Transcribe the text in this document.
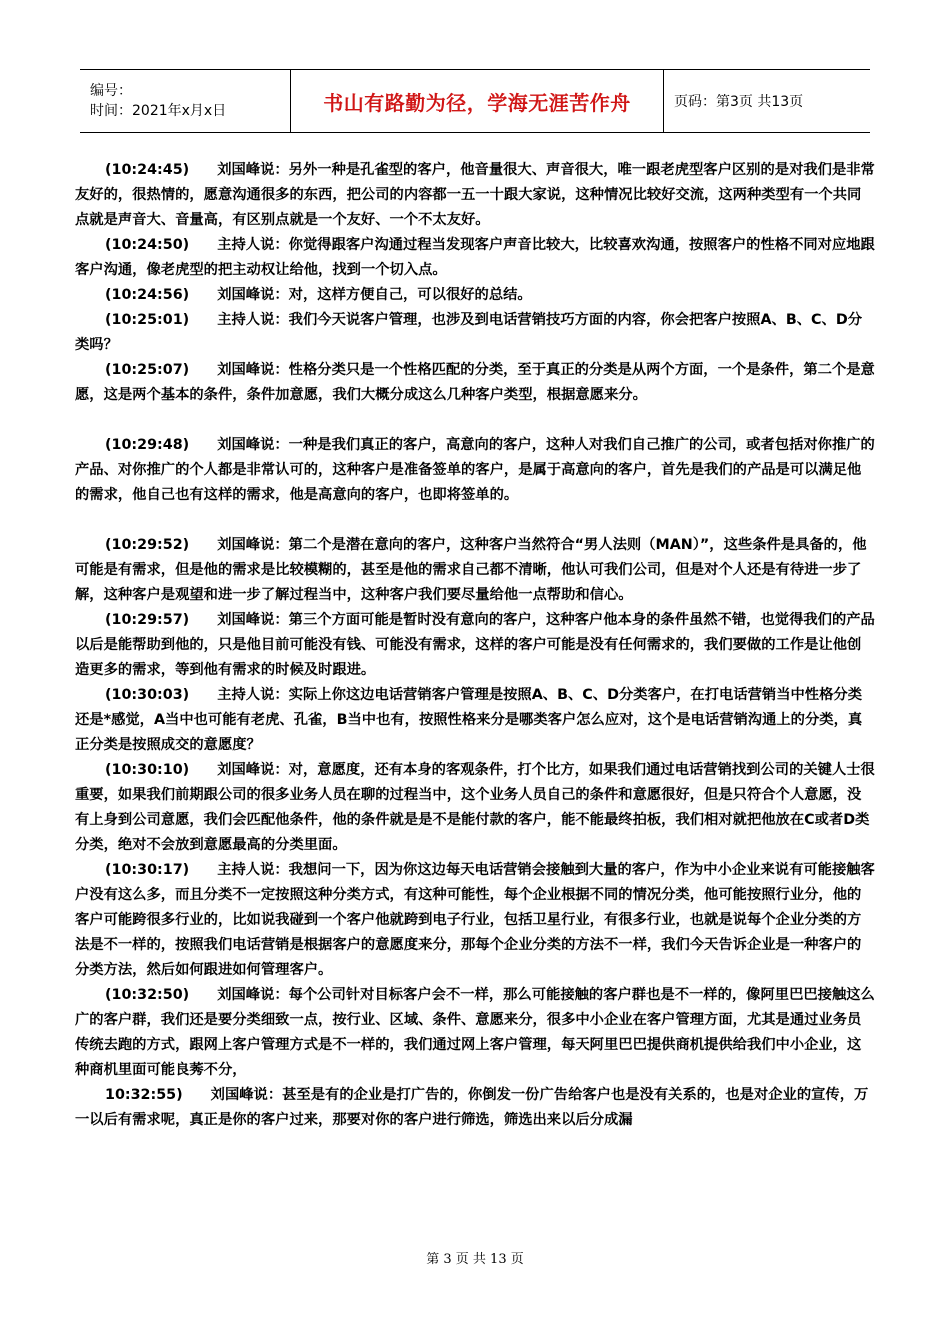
编号：
时间：2021年x月x日	书山有路勤为径，学海无涯苦作舟	页码：第3页 共13页

(10:24:45) 刘国峰说：另外一种是孔雀型的客户，他音量很大、声音很大，唯一跟老虎型客户区别的是对我们是非常友好的，很热情的，愿意沟通很多的东西，把公司的内容都一五一十跟大家说，这种情况比较好交流，这两种类型有一个共同点就是声音大、音量高，有区别点就是一个友好、一个不太友好。

(10:24:50) 主持人说：你觉得跟客户沟通过程当发现客户声音比较大，比较喜欢沟通，按照客户的性格不同对应地跟客户沟通，像老虎型的把主动权让给他，找到一个切入点。

(10:24:56) 刘国峰说：对，这样方便自己，可以很好的总结。

(10:25:01) 主持人说：我们今天说客户管理，也涉及到电话营销技巧方面的内容，你会把客户按照A、B、C、D分类吗？

(10:25:07) 刘国峰说：性格分类只是一个性格匹配的分类，至于真正的分类是从两个方面，一个是条件，第二个是意愿，这是两个基本的条件，条件加意愿，我们大概分成这么几种客户类型，根据意愿来分。

(10:29:48) 刘国峰说：一种是我们真正的客户，高意向的客户，这种人对我们自己推广的公司，或者包括对你推广的产品、对你推广的个人都是非常认可的，这种客户是准备签单的客户，是属于高意向的客户，首先是我们的产品是可以满足他的需求，他自己也有这样的需求，他是高意向的客户，也即将签单的。

(10:29:52) 刘国峰说：第二个是潜在意向的客户，这种客户当然符合“男人法则（MAN）”，这些条件是具备的，他可能是有需求，但是他的需求是比较模糊的，甚至是他的需求自己都不清晰，他认可我们公司，但是对个人还是有待进一步了解，这种客户是观望和进一步了解过程当中，这种客户我们要尽量给他一点帮助和信心。

(10:29:57) 刘国峰说：第三个方面可能是暂时没有意向的客户，这种客户他本身的条件虽然不错，也觉得我们的产品以后是能帮助到他的，只是他目前可能没有钱、可能没有需求，这样的客户可能是没有任何需求的，我们要做的工作是让他创造更多的需求，等到他有需求的时候及时跟进。

(10:30:03) 主持人说：实际上你这边电话营销客户管理是按照A、B、C、D分类客户，在打电话营销当中性格分类还是*感觉，A当中也可能有老虎、孔雀，B当中也有，按照性格来分是哪类客户怎么应对，这个是电话营销沟通上的分类，真正分类是按照成交的意愿度？

(10:30:10) 刘国峰说：对，意愿度，还有本身的客观条件，打个比方，如果我们通过电话营销找到公司的关键人士很重要，如果我们前期跟公司的很多业务人员在聊的过程当中，这个业务人员自己的条件和意愿很好，但是只符合个人意愿，没有上身到公司意愿，我们会匹配他条件，他的条件就是是不是能付款的客户，能不能最终拍板，我们相对就把他放在C或者D类分类，绝对不会放到意愿最高的分类里面。

(10:30:17) 主持人说：我想问一下，因为你这边每天电话营销会接触到大量的客户，作为中小企业来说有可能接触客户没有这么多，而且分类不一定按照这种分类方式，有这种可能性，每个企业根据不同的情况分类，他可能按照行业分，他的客户可能跨很多行业的，比如说我碰到一个客户他就跨到电子行业，包括卫星行业，有很多行业，也就是说每个企业分类的方法是不一样的，按照我们电话营销是根据客户的意愿度来分，那每个企业分类的方法不一样，我们今天告诉企业是一种客户的分类方法，然后如何跟进如何管理客户。

(10:32:50) 刘国峰说：每个公司针对目标客户会不一样，那么可能接触的客户群也是不一样的，像阿里巴巴接触这么广的客户群，我们还是要分类细致一点，按行业、区域、条件、意愿来分，很多中小企业在客户管理方面，尤其是通过业务员传统去跑的方式，跟网上客户管理方式是不一样的，我们通过网上客户管理，每天阿里巴巴提供商机提供给我们中小企业，这种商机里面可能良莠不分，

10:32:55) 刘国峰说：甚至是有的企业是打广告的，你倒发一份广告给客户也是没有关系的，也是对企业的宣传，万一以后有需求呢，真正是你的客户过来，那要对你的客户进行筛选，筛选出来以后分成漏

第 3 页 共 13 页
